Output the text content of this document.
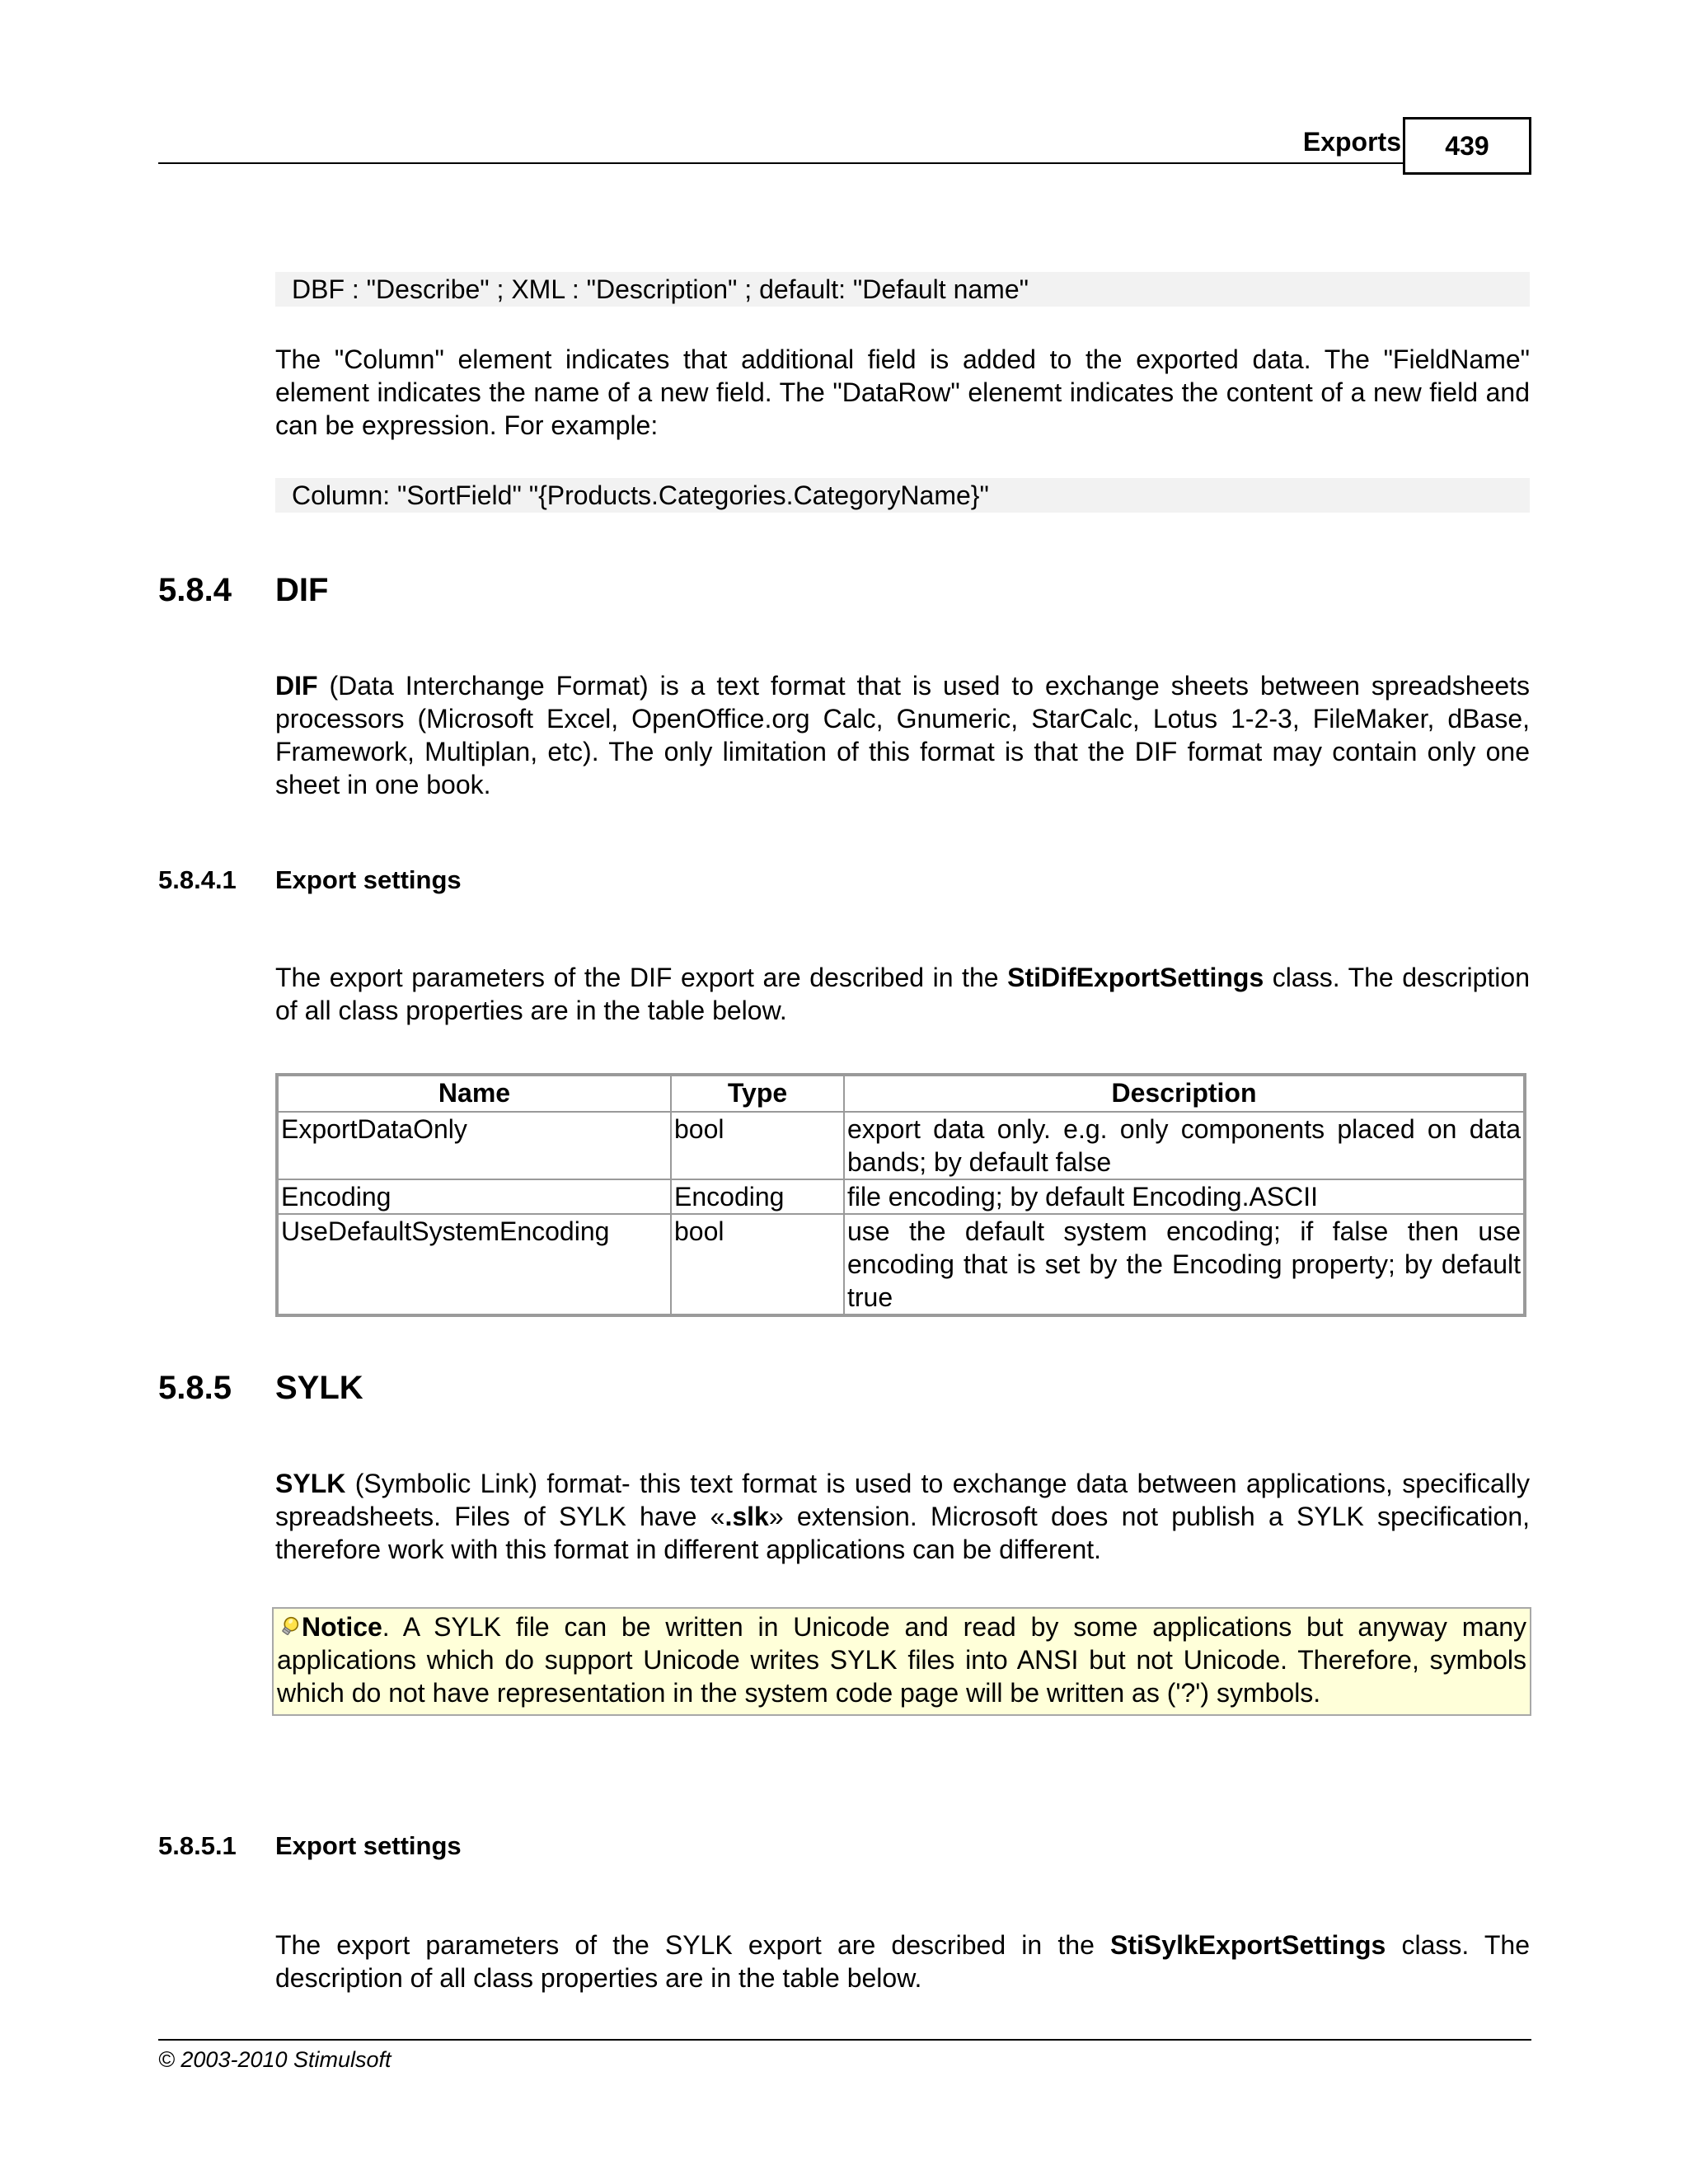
Exports 439
DBF : "Describe" ; XML : "Description" ; default: "Default name"
The "Column" element indicates that additional field is added to the exported data. The "FieldName" element indicates the name of a new field. The "DataRow" elenemt indicates the content of a new field and can be expression. For example:
Column: "SortField" "{Products.Categories.CategoryName}"
5.8.4 DIF
DIF (Data Interchange Format) is a text format that is used to exchange sheets between spreadsheets processors (Microsoft Excel, OpenOffice.org Calc, Gnumeric, StarCalc, Lotus 1-2-3, FileMaker, dBase, Framework, Multiplan, etc). The only limitation of this format is that the DIF format may contain only one sheet in one book.
5.8.4.1 Export settings
The export parameters of the DIF export are described in the StiDifExportSettings class. The description of all class properties are in the table below.
Name	Type	Description
ExportDataOnly	bool	export data only. e.g. only components placed on data bands; by default false
Encoding	Encoding	file encoding; by default Encoding.ASCII
UseDefaultSystemEncoding	bool	use the default system encoding; if false then use encoding that is set by the Encoding property; by default true
5.8.5 SYLK
SYLK (Symbolic Link) format- this text format is used to exchange data between applications, specifically spreadsheets. Files of SYLK have «.slk» extension. Microsoft does not publish a SYLK specification, therefore work with this format in different applications can be different.
Notice. A SYLK file can be written in Unicode and read by some applications but anyway many applications which do support Unicode writes SYLK files into ANSI but not Unicode. Therefore, symbols which do not have representation in the system code page will be written as ('?') symbols.
5.8.5.1 Export settings
The export parameters of the SYLK export are described in the StiSylkExportSettings class. The description of all class properties are in the table below.
© 2003-2010 Stimulsoft
